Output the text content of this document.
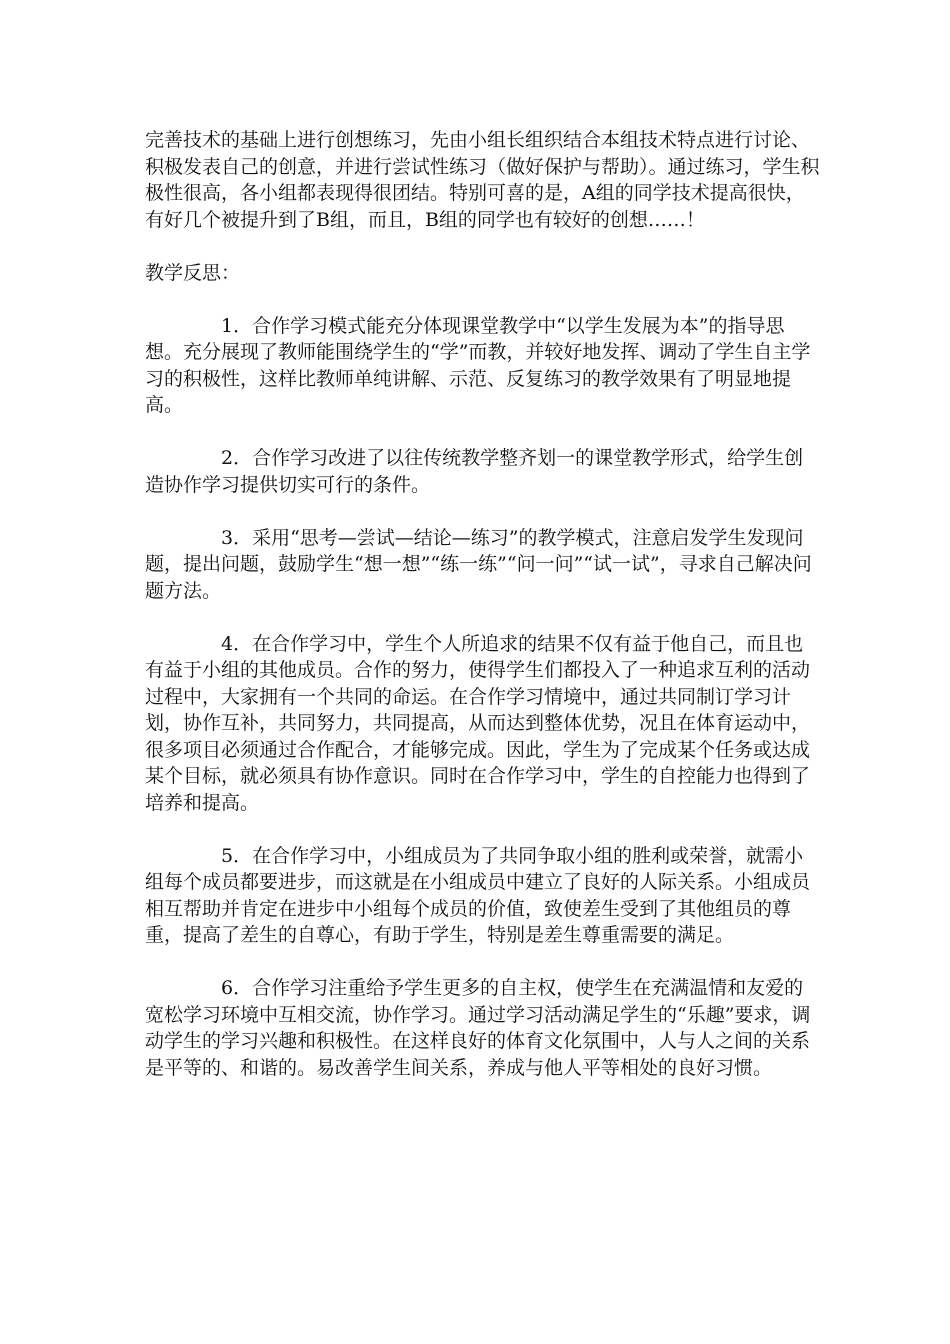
完善技术的基础上进行创想练习，先由小组长组织结合本组技术特点进行讨论、积极发表自己的创意，并进行尝试性练习（做好保护与帮助）。通过练习，学生积极性很高，各小组都表现得很团结。特别可喜的是，A组的同学技术提高很快，有好几个被提升到了B组，而且，B组的同学也有较好的创想……！

教学反思：

1．合作学习模式能充分体现课堂教学中“以学生发展为本”的指导思想。充分展现了教师能围绕学生的“学”而教，并较好地发挥、调动了学生自主学习的积极性，这样比教师单纯讲解、示范、反复练习的教学效果有了明显地提高。

2．合作学习改进了以往传统教学整齐划一的课堂教学形式，给学生创造协作学习提供切实可行的条件。

3．采用“思考—尝试—结论—练习”的教学模式，注意启发学生发现问题，提出问题，鼓励学生“想一想”“练一练”“问一问”“试一试”，寻求自己解决问题方法。

4．在合作学习中，学生个人所追求的结果不仅有益于他自己，而且也有益于小组的其他成员。合作的努力，使得学生们都投入了一种追求互利的活动过程中，大家拥有一个共同的命运。在合作学习情境中，通过共同制订学习计划，协作互补，共同努力，共同提高，从而达到整体优势，况且在体育运动中，很多项目必须通过合作配合，才能够完成。因此，学生为了完成某个任务或达成某个目标，就必须具有协作意识。同时在合作学习中，学生的自控能力也得到了培养和提高。

5．在合作学习中，小组成员为了共同争取小组的胜利或荣誉，就需小组每个成员都要进步，而这就是在小组成员中建立了良好的人际关系。小组成员相互帮助并肯定在进步中小组每个成员的价值，致使差生受到了其他组员的尊重，提高了差生的自尊心，有助于学生，特别是差生尊重需要的满足。

6．合作学习注重给予学生更多的自主权，使学生在充满温情和友爱的宽松学习环境中互相交流，协作学习。通过学习活动满足学生的“乐趣”要求，调动学生的学习兴趣和积极性。在这样良好的体育文化氛围中，人与人之间的关系是平等的、和谐的。易改善学生间关系，养成与他人平等相处的良好习惯。
